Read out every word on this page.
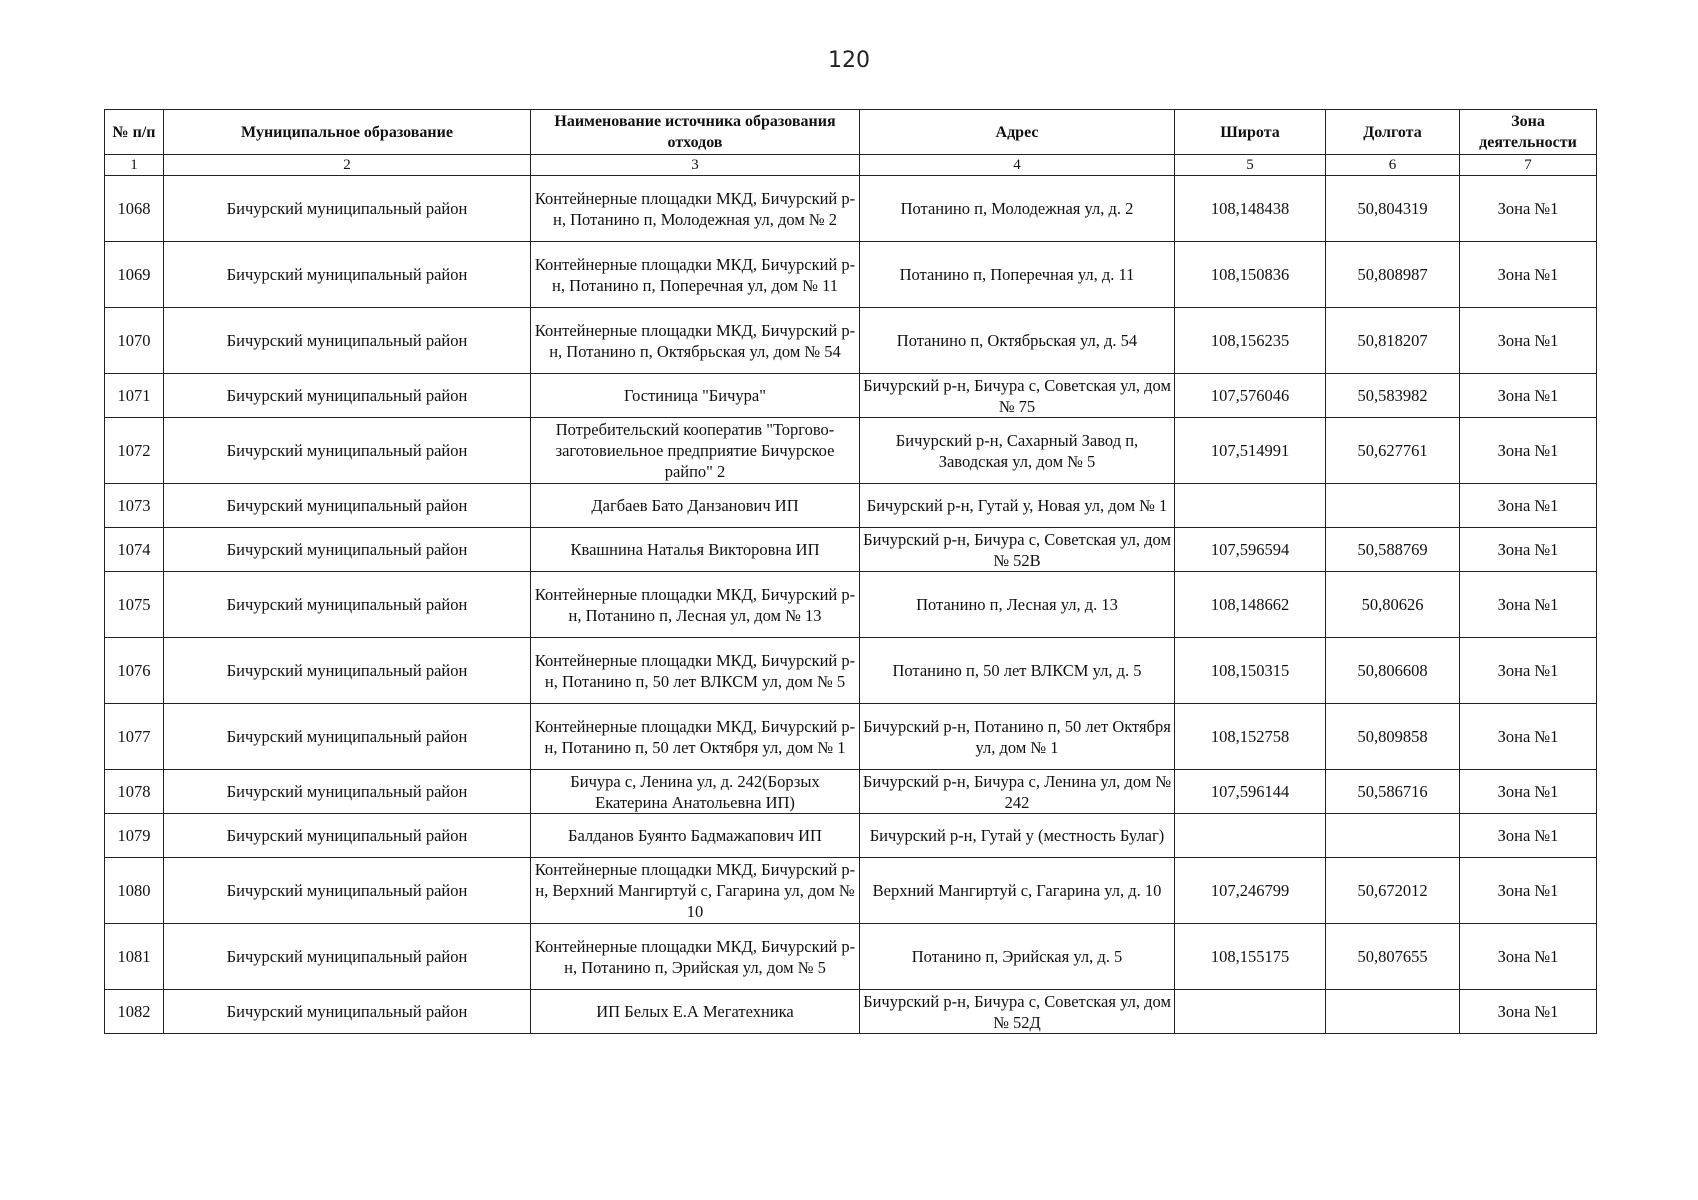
120
№ п/п	Муниципальное образование	Наименование источника образования отходов	Адрес	Широта	Долгота	Зона деятельности
1	2	3	4	5	6	7
1068	Бичурский муниципальный район	Контейнерные площадки МКД, Бичурский р-н, Потанино п, Молодежная ул, дом № 2	Потанино п, Молодежная ул, д. 2	108,148438	50,804319	Зона №1
1069	Бичурский муниципальный район	Контейнерные площадки МКД, Бичурский р-н, Потанино п, Поперечная ул, дом № 11	Потанино п, Поперечная ул, д. 11	108,150836	50,808987	Зона №1
1070	Бичурский муниципальный район	Контейнерные площадки МКД, Бичурский р-н, Потанино п, Октябрьская ул, дом № 54	Потанино п, Октябрьская ул, д. 54	108,156235	50,818207	Зона №1
1071	Бичурский муниципальный район	Гостиница "Бичура"	Бичурский р-н, Бичура с, Советская ул, дом № 75	107,576046	50,583982	Зона №1
1072	Бичурский муниципальный район	Потребительский кооператив "Торгово-заготовиельное предприятие Бичурское райпо" 2	Бичурский р-н, Сахарный Завод п, Заводская ул, дом № 5	107,514991	50,627761	Зона №1
1073	Бичурский муниципальный район	Дагбаев Бато Данзанович ИП	Бичурский р-н, Гутай у, Новая ул, дом № 1			Зона №1
1074	Бичурский муниципальный район	Квашнина Наталья Викторовна ИП	Бичурский р-н, Бичура с, Советская ул, дом № 52В	107,596594	50,588769	Зона №1
1075	Бичурский муниципальный район	Контейнерные площадки МКД, Бичурский р-н, Потанино п, Лесная ул, дом № 13	Потанино п, Лесная ул, д. 13	108,148662	50,80626	Зона №1
1076	Бичурский муниципальный район	Контейнерные площадки МКД, Бичурский р-н, Потанино п, 50 лет ВЛКСМ ул, дом № 5	Потанино п, 50 лет ВЛКСМ ул, д. 5	108,150315	50,806608	Зона №1
1077	Бичурский муниципальный район	Контейнерные площадки МКД, Бичурский р-н, Потанино п, 50 лет Октября ул, дом № 1	Бичурский р-н, Потанино п, 50 лет Октября ул, дом № 1	108,152758	50,809858	Зона №1
1078	Бичурский муниципальный район	Бичура с, Ленина ул, д. 242(Борзых Екатерина Анатольевна ИП)	Бичурский р-н, Бичура с, Ленина ул, дом № 242	107,596144	50,586716	Зона №1
1079	Бичурский муниципальный район	Балданов Буянто Бадмажапович ИП	Бичурский р-н, Гутай у (местность Булаг)			Зона №1
1080	Бичурский муниципальный район	Контейнерные площадки МКД, Бичурский р-н, Верхний Мангиртуй с, Гагарина ул, дом № 10	Верхний Мангиртуй с, Гагарина ул, д. 10	107,246799	50,672012	Зона №1
1081	Бичурский муниципальный район	Контейнерные площадки МКД, Бичурский р-н, Потанино п, Эрийская ул, дом № 5	Потанино п, Эрийская ул, д. 5	108,155175	50,807655	Зона №1
1082	Бичурский муниципальный район	ИП Белых Е.А Мегатехника	Бичурский р-н, Бичура с, Советская ул, дом № 52Д			Зона №1
